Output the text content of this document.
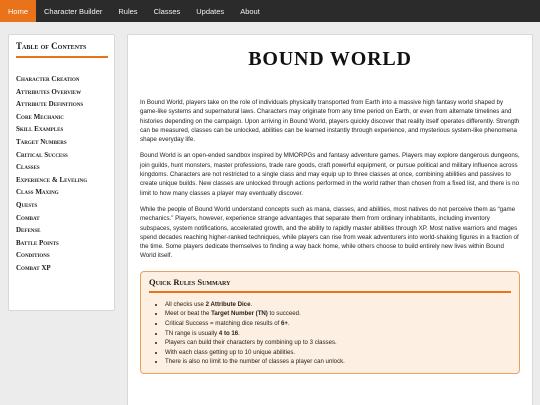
Home	Character Builder	Rules	Classes	Updates	About
Table of Contents
Character Creation
Attributes Overview
Attribute Definitions
Core Mechanic
Skill Examples
Target Numbers
Critical Success
Classes
Experience & Leveling
Class Maxing
Quests
Combat
Defense
Battle Points
Conditions
Combat XP
BOUND WORLD

In Bound World, players take on the role of individuals physically transported from Earth into a massive high fantasy world shaped by game-like systems and supernatural laws. Characters may originate from any time period on Earth, or even from alternate timelines and histories depending on the campaign. Upon arriving in Bound World, players quickly discover that reality itself operates differently. Strength can be measured, classes can be unlocked, abilities can be learned instantly through experience, and mysterious system-like phenomena shape everyday life.

Bound World is an open-ended sandbox inspired by MMORPGs and fantasy adventure games. Players may explore dangerous dungeons, join guilds, hunt monsters, master professions, trade rare goods, craft powerful equipment, or pursue political and military influence across kingdoms. Characters are not restricted to a single class and may equip up to three classes at once, combining abilities and passives to create unique builds. New classes are unlocked through actions performed in the world rather than chosen from a fixed list, and there is no limit to how many classes a player may eventually discover.

While the people of Bound World understand concepts such as mana, classes, and abilities, most natives do not perceive them as “game mechanics.” Players, however, experience strange advantages that separate them from ordinary inhabitants, including inventory subspaces, system notifications, accelerated growth, and the ability to rapidly master abilities through XP. Most native warriors and mages spend decades reaching higher-ranked techniques, while players can rise from weak adventurers into world-shaking figures in a fraction of the time. Some players dedicate themselves to finding a way back home, while others choose to build entirely new lives within Bound World itself.

Quick Rules Summary
• All checks use 2 Attribute Dice.
• Meet or beat the Target Number (TN) to succeed.
• Critical Success = matching dice results of 6+.
• TN range is usually 4 to 16.
• Players can build their characters by combining up to 3 classes.
• With each class getting up to 10 unique abilities.
• There is also no limit to the number of classes a player can unlock.
